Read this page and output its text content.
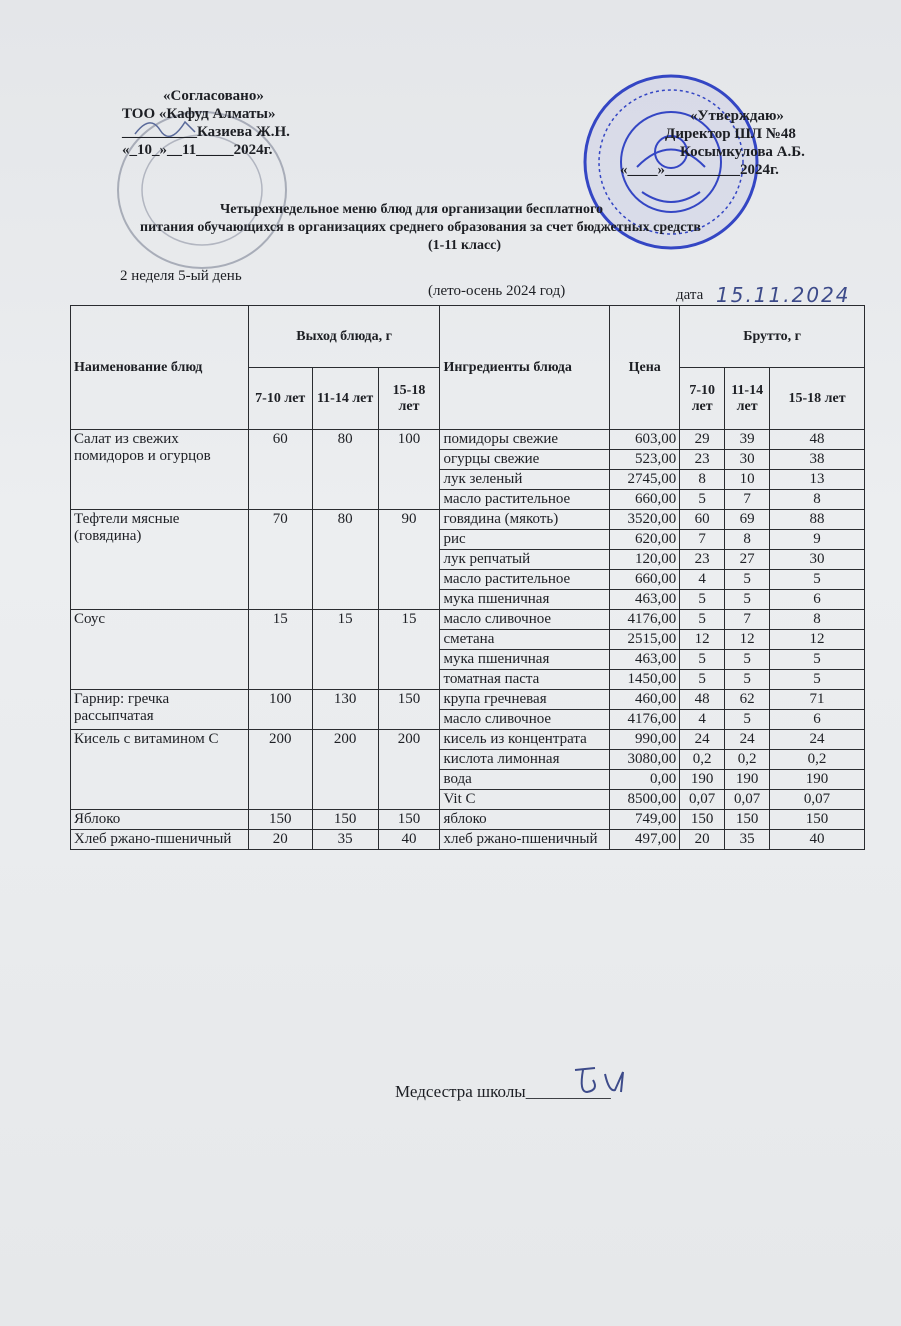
«Согласовано»
ТОО «Кафуд Алматы»
__________Казиева Ж.Н.
«_10_»__11_____2024г.
«Утверждаю»
Директор ШЛ №48
Косымкулова А.Б.
«____»__________2024г.
Четырехнедельное меню блюд для организации бесплатного
питания обучающихся в организациях среднего образования за счет бюджетных средств
(1-11 класс)
2 неделя 5-ый день
(лето-осень 2024 год)	дата 15.11.2024
Наименование блюд	Выход блюда, г			Ингредиенты блюда	Цена	Брутто, г		
	7-10 лет	11-14 лет	15-18 лет			7-10 лет	11-14 лет	15-18 лет
Салат из свежих помидоров и огурцов	60	80	100	помидоры свежие	603,00	29	39	48
				огурцы свежие	523,00	23	30	38
				лук зеленый	2745,00	8	10	13
				масло растительное	660,00	5	7	8
Тефтели мясные (говядина)	70	80	90	говядина (мякоть)	3520,00	60	69	88
				рис	620,00	7	8	9
				лук репчатый	120,00	23	27	30
				масло растительное	660,00	4	5	5
				мука пшеничная	463,00	5	5	6
Соус	15	15	15	масло сливочное	4176,00	5	7	8
				сметана	2515,00	12	12	12
				мука пшеничная	463,00	5	5	5
				томатная паста	1450,00	5	5	5
Гарнир: гречка рассыпчатая	100	130	150	крупа гречневая	460,00	48	62	71
				масло сливочное	4176,00	4	5	6
Кисель с витамином С	200	200	200	кисель из концентрата	990,00	24	24	24
				кислота лимонная	3080,00	0,2	0,2	0,2
				вода	0,00	190	190	190
				Vit C	8500,00	0,07	0,07	0,07
Яблоко	150	150	150	яблоко	749,00	150	150	150
Хлеб ржано-пшеничный	20	35	40	хлеб ржано-пшеничный	497,00	20	35	40
Медсестра школы__________
